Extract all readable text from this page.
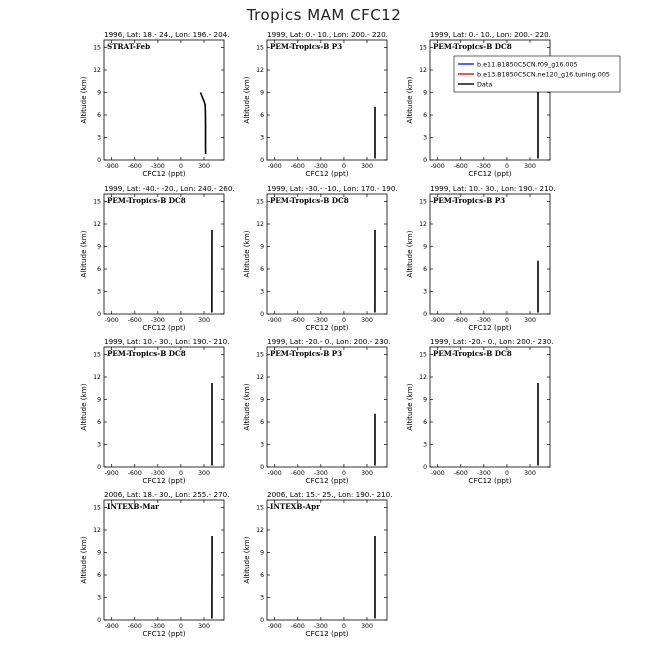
Tropics MAM CFC12
1996, Lat: 18.- 24., Lon: 196.- 204.
STRAT-Feb
-900 -600 -300 0 300
0
3
6
9
12
15
CFC12 (ppt)
Altitude (km)
1999, Lat: 0.- 10., Lon: 200.- 220.
PEM-Tropics-B P3
-900 -600 -300 0 300
0
3
6
9
12
15
CFC12 (ppt)
Altitude (km)
1999, Lat: 0.- 10., Lon: 200.- 220.
PEM-Tropics-B DC8
-900 -600 -300 0 300
0
3
6
9
12
15
CFC12 (ppt)
Altitude (km)
b.e11.B1850C5CN.f09_g16.005
b.e13.B1850C5CN.ne120_g16.tuning.005
Data
1999, Lat: -40.- -20., Lon: 240.- 260.
PEM-Tropics-B DC8
-900 -600 -300 0 300
0
3
6
9
12
15
CFC12 (ppt)
Altitude (km)
1999, Lat: -30.- -10., Lon: 170.- 190.
PEM-Tropics-B DC8
-900 -600 -300 0 300
0
3
6
9
12
15
CFC12 (ppt)
Altitude (km)
1999, Lat: 10.- 30., Lon: 190.- 210.
PEM-Tropics-B P3
-900 -600 -300 0 300
0
3
6
9
12
15
CFC12 (ppt)
Altitude (km)
1999, Lat: 10.- 30., Lon: 190.- 210.
PEM-Tropics-B DC8
-900 -600 -300 0 300
0
3
6
9
12
15
CFC12 (ppt)
Altitude (km)
1999, Lat: -20.- 0., Lon: 200.- 230.
PEM-Tropics-B P3
-900 -600 -300 0 300
0
3
6
9
12
15
CFC12 (ppt)
Altitude (km)
1999, Lat: -20.- 0., Lon: 200.- 230.
PEM-Tropics-B DC8
-900 -600 -300 0 300
0
3
6
9
12
15
CFC12 (ppt)
Altitude (km)
2006, Lat: 18.- 30., Lon: 255.- 270.
INTEXB-Mar
-900 -600 -300 0 300
0
3
6
9
12
15
CFC12 (ppt)
Altitude (km)
2006, Lat: 15.- 25., Lon: 190.- 210.
INTEXB-Apr
-900 -600 -300 0 300
0
3
6
9
12
15
CFC12 (ppt)
Altitude (km)
